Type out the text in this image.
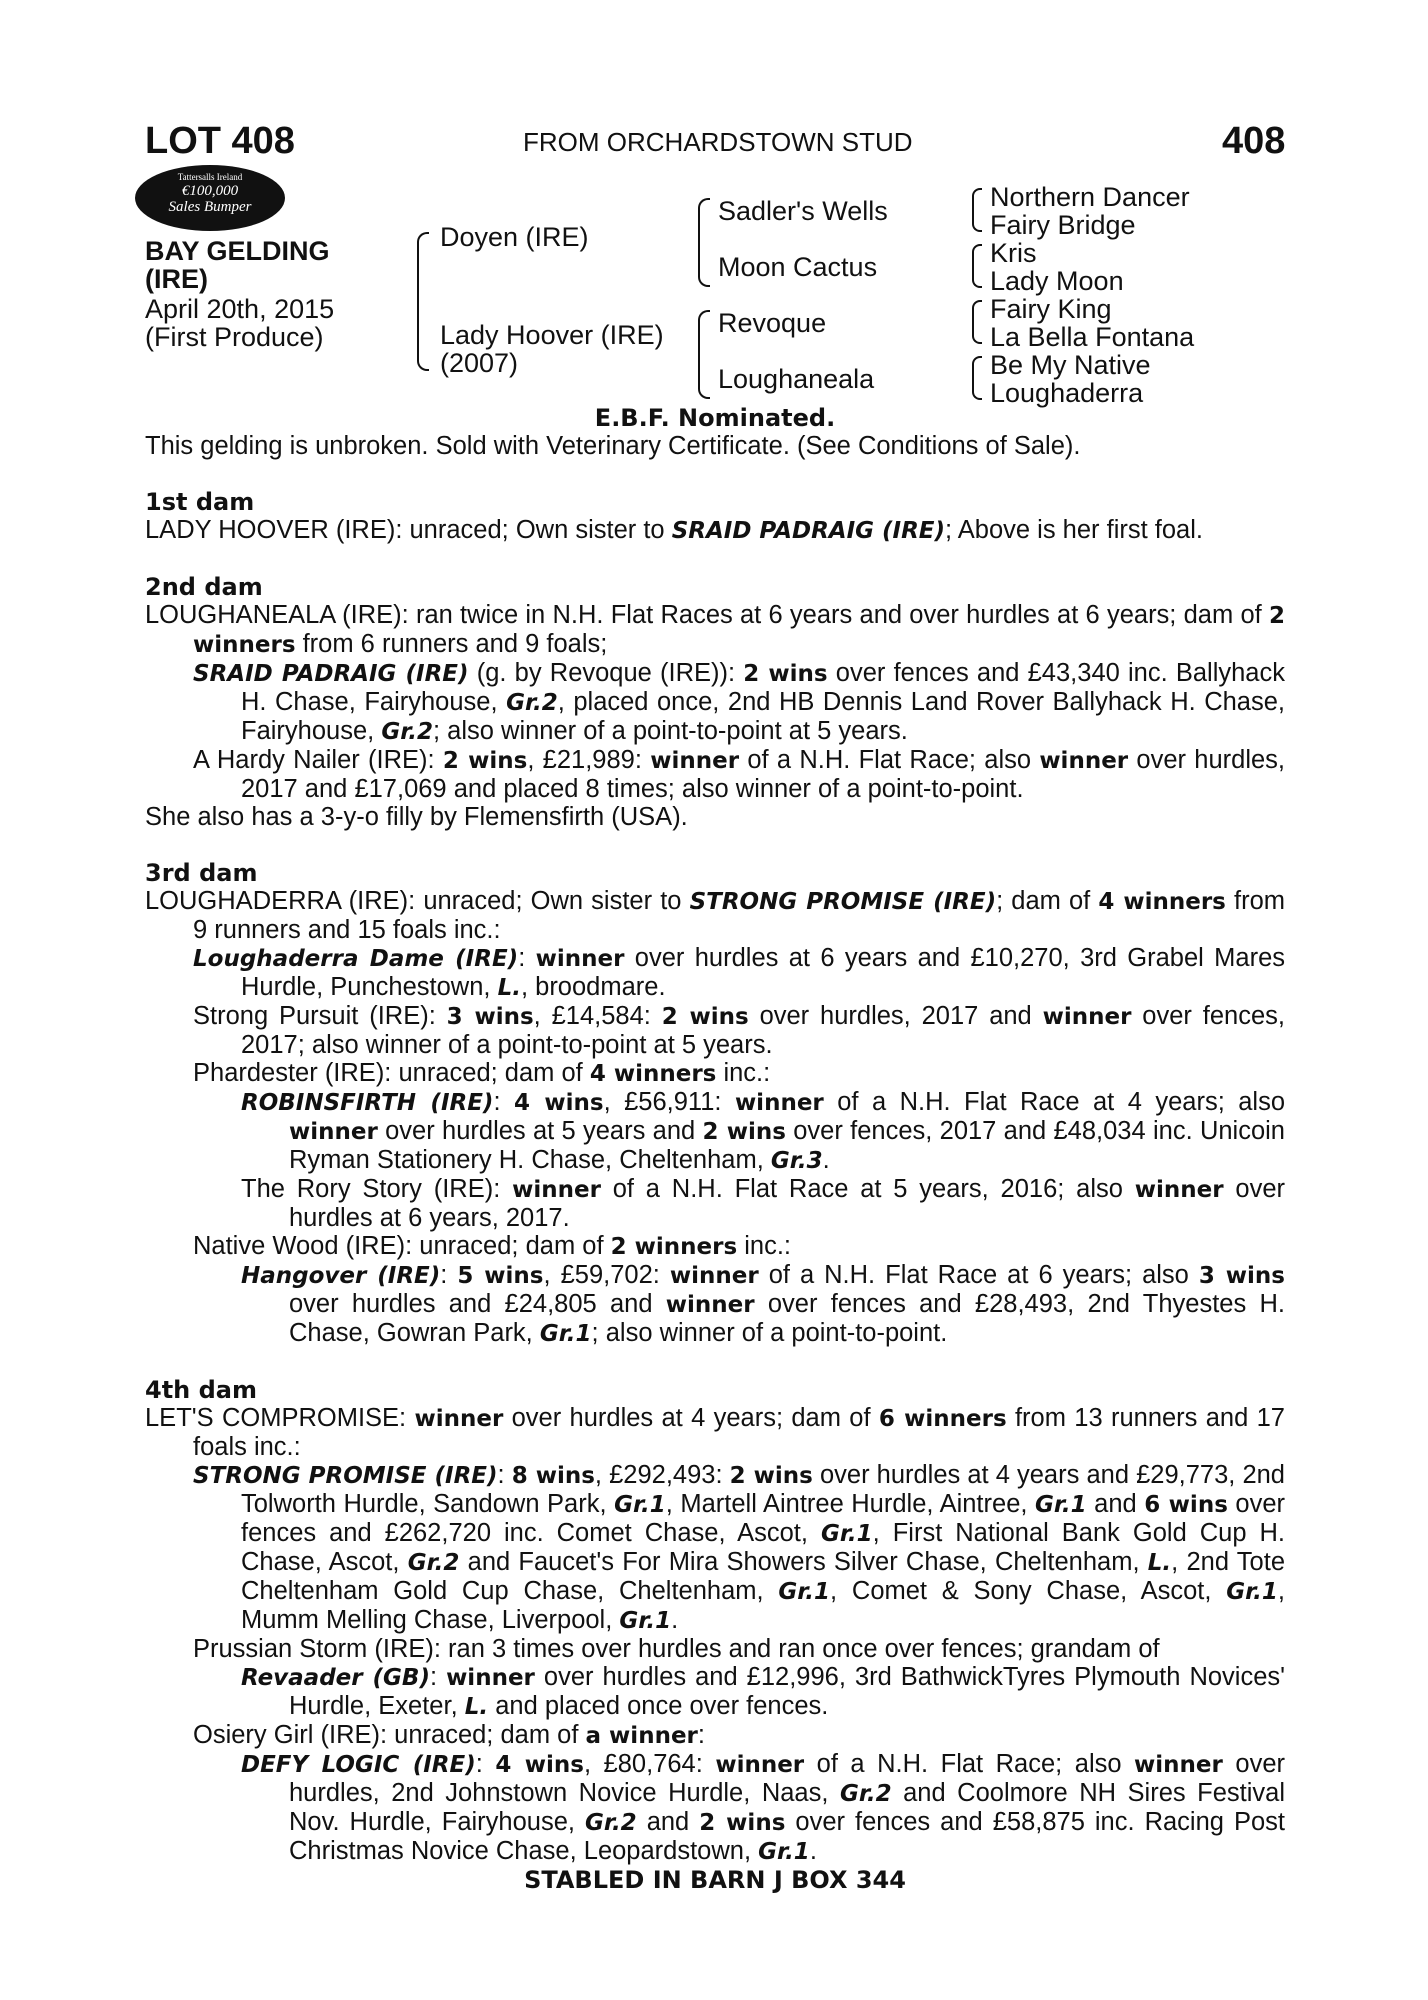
LOT 408	FROM ORCHARDSTOWN STUD	408
Tattersalls Ireland
€100,000
Sales Bumper
BAY GELDING
(IRE)
April 20th, 2015
(First Produce)
Doyen (IRE)
Lady Hoover (IRE)
(2007)
Sadler's Wells
Moon Cactus
Revoque
Loughaneala
Northern Dancer
Fairy Bridge
Kris
Lady Moon
Fairy King
La Bella Fontana
Be My Native
Loughaderra
E.B.F. Nominated.

This gelding is unbroken. Sold with Veterinary Certificate. (See Conditions of Sale).

1st dam

LADY HOOVER (IRE): unraced; Own sister to SRAID PADRAIG (IRE); Above is her first foal.

2nd dam

LOUGHANEALA (IRE): ran twice in N.H. Flat Races at 6 years and over hurdles at 6 years; dam of 2 winners from 6 runners and 9 foals;

SRAID PADRAIG (IRE) (g. by Revoque (IRE)): 2 wins over fences and £43,340 inc. Ballyhack H. Chase, Fairyhouse, Gr.2, placed once, 2nd HB Dennis Land Rover Ballyhack H. Chase, Fairyhouse, Gr.2; also winner of a point-to-point at 5 years.

A Hardy Nailer (IRE): 2 wins, £21,989: winner of a N.H. Flat Race; also winner over hurdles, 2017 and £17,069 and placed 8 times; also winner of a point-to-point.

She also has a 3-y-o filly by Flemensfirth (USA).

3rd dam

LOUGHADERRA (IRE): unraced; Own sister to STRONG PROMISE (IRE); dam of 4 winners from 9 runners and 15 foals inc.:

Loughaderra Dame (IRE): winner over hurdles at 6 years and £10,270, 3rd Grabel Mares Hurdle, Punchestown, L., broodmare.

Strong Pursuit (IRE): 3 wins, £14,584: 2 wins over hurdles, 2017 and winner over fences, 2017; also winner of a point-to-point at 5 years.

Phardester (IRE): unraced; dam of 4 winners inc.:

ROBINSFIRTH (IRE): 4 wins, £56,911: winner of a N.H. Flat Race at 4 years; also winner over hurdles at 5 years and 2 wins over fences, 2017 and £48,034 inc. Unicoin Ryman Stationery H. Chase, Cheltenham, Gr.3.

The Rory Story (IRE): winner of a N.H. Flat Race at 5 years, 2016; also winner over hurdles at 6 years, 2017.

Native Wood (IRE): unraced; dam of 2 winners inc.:

Hangover (IRE): 5 wins, £59,702: winner of a N.H. Flat Race at 6 years; also 3 wins over hurdles and £24,805 and winner over fences and £28,493, 2nd Thyestes H. Chase, Gowran Park, Gr.1; also winner of a point-to-point.

4th dam

LET'S COMPROMISE: winner over hurdles at 4 years; dam of 6 winners from 13 runners and 17 foals inc.:

STRONG PROMISE (IRE): 8 wins, £292,493: 2 wins over hurdles at 4 years and £29,773, 2nd Tolworth Hurdle, Sandown Park, Gr.1, Martell Aintree Hurdle, Aintree, Gr.1 and 6 wins over fences and £262,720 inc. Comet Chase, Ascot, Gr.1, First National Bank Gold Cup H. Chase, Ascot, Gr.2 and Faucet's For Mira Showers Silver Chase, Cheltenham, L., 2nd Tote Cheltenham Gold Cup Chase, Cheltenham, Gr.1, Comet & Sony Chase, Ascot, Gr.1, Mumm Melling Chase, Liverpool, Gr.1.

Prussian Storm (IRE): ran 3 times over hurdles and ran once over fences; grandam of

Revaader (GB): winner over hurdles and £12,996, 3rd BathwickTyres Plymouth Novices' Hurdle, Exeter, L. and placed once over fences.

Osiery Girl (IRE): unraced; dam of a winner:

DEFY LOGIC (IRE): 4 wins, £80,764: winner of a N.H. Flat Race; also winner over hurdles, 2nd Johnstown Novice Hurdle, Naas, Gr.2 and Coolmore NH Sires Festival Nov. Hurdle, Fairyhouse, Gr.2 and 2 wins over fences and £58,875 inc. Racing Post Christmas Novice Chase, Leopardstown, Gr.1.

STABLED IN BARN J BOX 344
